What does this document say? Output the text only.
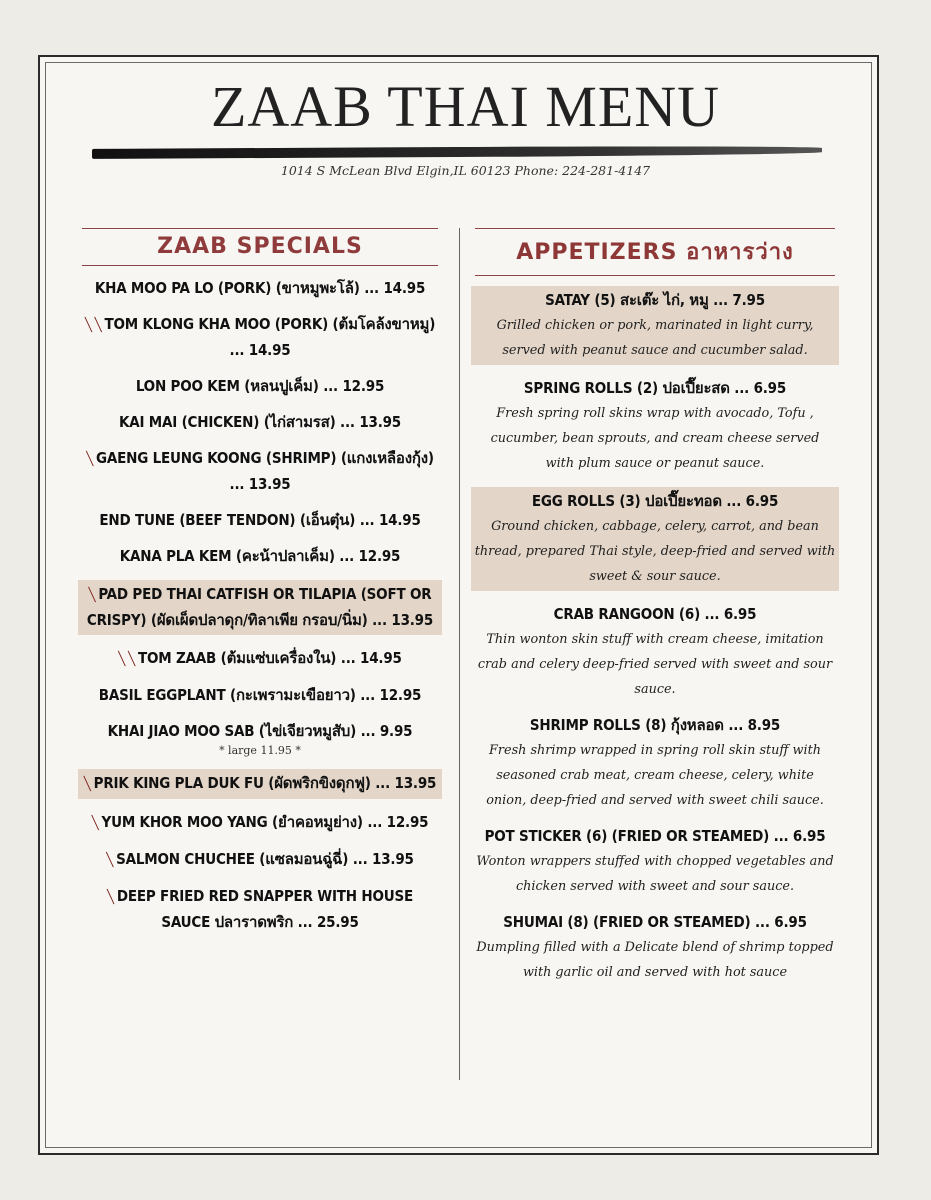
ZAAB THAI MENU
1014 S McLean Blvd Elgin,IL 60123 Phone: 224-281-4147
ZAAB SPECIALS
KHA MOO PA LO (PORK) (ขาหมูพะโล้) ... 14.95
╲ ╲ TOM KLONG KHA MOO (PORK) (ต้มโคล้งขาหมู) ... 14.95
LON POO KEM (หลนปูเค็ม) ... 12.95
KAI MAI (CHICKEN) (ไก่สามรส) ... 13.95
╲ GAENG LEUNG KOONG (SHRIMP) (แกงเหลืองกุ้ง) ... 13.95
END TUNE (BEEF TENDON) (เอ็นตุ๋น) ... 14.95
KANA PLA KEM (คะน้าปลาเค็ม) ... 12.95
╲ PAD PED THAI CATFISH OR TILAPIA (SOFT OR CRISPY) (ผัดเผ็ดปลาดุก/ทิลาเพีย กรอบ/นิ่ม) ... 13.95
╲ ╲ TOM ZAAB (ต้มแซ่บเครื่องใน) ... 14.95
BASIL EGGPLANT (กะเพรามะเขือยาว) ... 12.95
KHAI JIAO MOO SAB (ไข่เจียวหมูสับ) ... 9.95
* large 11.95 *
╲ PRIK KING PLA DUK FU (ผัดพริกขิงดุกฟู) ... 13.95
╲ YUM KHOR MOO YANG (ยำคอหมูย่าง) ... 12.95
╲ SALMON CHUCHEE (แซลมอนฉู่ฉี่) ... 13.95
╲ DEEP FRIED RED SNAPPER WITH HOUSE SAUCE ปลาราดพริก ... 25.95
APPETIZERS อาหารว่าง
SATAY (5) สะเต๊ะ ไก่, หมู ... 7.95
Grilled chicken or pork, marinated in light curry, served with peanut sauce and cucumber salad.
SPRING ROLLS (2) ปอเปี๊ยะสด ... 6.95
Fresh spring roll skins wrap with avocado, Tofu , cucumber, bean sprouts, and cream cheese served with plum sauce or peanut sauce.
EGG ROLLS (3) ปอเปี๊ยะทอด ... 6.95
Ground chicken, cabbage, celery, carrot, and bean thread, prepared Thai style, deep-fried and served with sweet & sour sauce.
CRAB RANGOON (6) ... 6.95
Thin wonton skin stuff with cream cheese, imitation crab and celery deep-fried served with sweet and sour sauce.
SHRIMP ROLLS (8) กุ้งหลอด ... 8.95
Fresh shrimp wrapped in spring roll skin stuff with seasoned crab meat, cream cheese, celery, white onion, deep-fried and served with sweet chili sauce.
POT STICKER (6) (FRIED OR STEAMED) ... 6.95
Wonton wrappers stuffed with chopped vegetables and chicken served with sweet and sour sauce.
SHUMAI (8) (FRIED OR STEAMED) ... 6.95
Dumpling filled with a Delicate blend of shrimp topped with garlic oil and served with hot sauce
